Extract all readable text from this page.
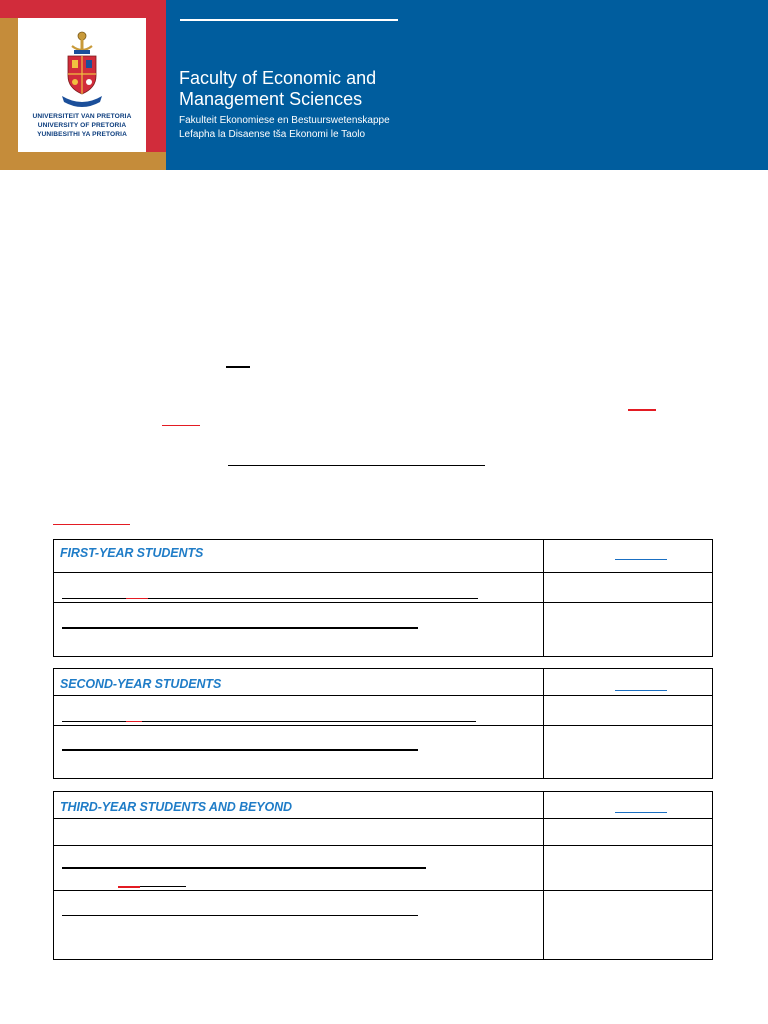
UNIVERSITEIT VAN PRETORIA
UNIVERSITY OF PRETORIA
YUNIBESITHI YA PRETORIA
Faculty of Economic and
Management Sciences
Fakulteit Ekonomiese en Bestuurswetenskappe
Lefapha la Disaense tša Ekonomi le Taolo
FIRST-YEAR STUDENTS
SECOND-YEAR STUDENTS
THIRD-YEAR STUDENTS AND BEYOND
